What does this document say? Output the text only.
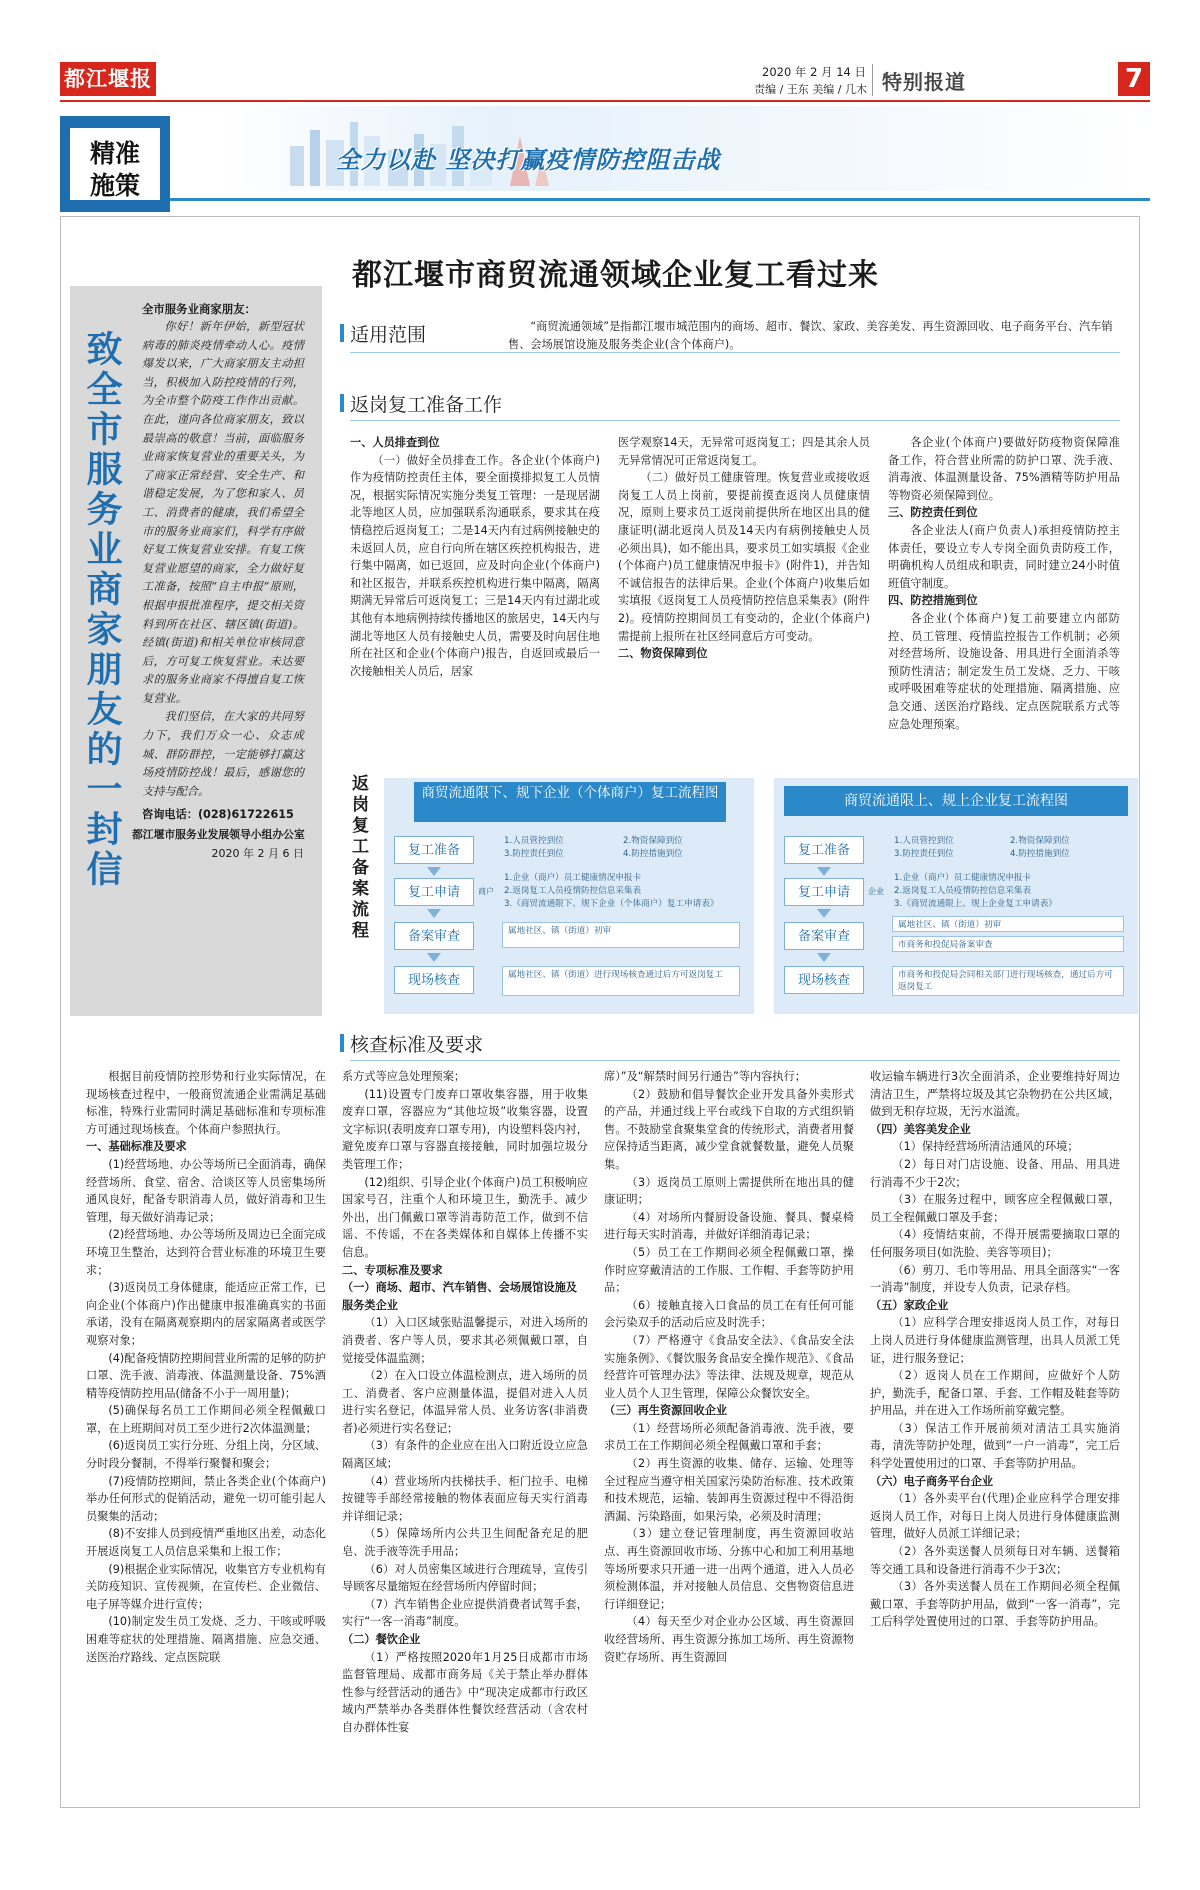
都江堰报	2020 年 2 月 14 日
责编 / 王东 美编 / 几木 特别报道	7
精准
施策
全力以赴 坚决打赢疫情防控阻击战
都江堰市商贸流通领域企业复工看过来
致全市服务业商家朋友的一封信
全市服务业商家朋友：
你好！新年伊始，新型冠状病毒的肺炎疫情牵动人心。疫情爆发以来，广大商家朋友主动担当，积极加入防控疫情的行列，为全市整个防疫工作作出贡献。在此，谨向各位商家朋友，致以最崇高的敬意！当前，面临服务业商家恢复营业的重要关头，为了商家正常经营、安全生产、和谐稳定发展，为了您和家人、员工、消费者的健康，我们希望全市的服务业商家们，科学有序做好复工恢复营业安排。有复工恢复营业愿望的商家，全力做好复工准备，按照“自主申报”原则，根据申报批准程序，提交相关资料到所在社区、辖区镇(街道)。经镇(街道)和相关单位审核同意后，方可复工恢复营业。未达要求的服务业商家不得擅自复工恢复营业。
我们坚信，在大家的共同努力下，我们万众一心、众志成城、群防群控，一定能够打赢这场疫情防控战！最后，感谢您的支持与配合。
咨询电话：(028)61722615
都江堰市服务业发展领导小组办公室
2020 年 2 月 6 日
适用范围	“商贸流通领域”是指都江堰市城范围内的商场、超市、餐饮、家政、美容美发、再生资源回收、电子商务平台、汽车销售、会场展馆设施及服务类企业(含个体商户)。
返岗复工准备工作

一、人员排查到位

（一）做好全员排查工作。各企业(个体商户)作为疫情防控责任主体，要全面摸排拟复工人员情况，根据实际情况实施分类复工管理：一是现居湖北等地区人员，应加强联系沟通联系，要求其在疫情稳控后返岗复工；二是14天内有过病例接触史的未返回人员，应自行向所在辖区疾控机构报告，进行集中隔离，如已返回，应及时向企业(个体商户)和社区报告，并联系疾控机构进行集中隔离，隔离期满无异常后可返岗复工；三是14天内有过湖北或其他有本地病例持续传播地区的旅居史，14天内与湖北等地区人员有接触史人员，需要及时向居住地所在社区和企业(个体商户)报告，自返回或最后一次接触相关人员后，居家

医学观察14天，无异常可返岗复工；四是其余人员无异常情况可正常返岗复工。

（二）做好员工健康管理。恢复营业或接收返岗复工人员上岗前，要提前摸查返岗人员健康情况，原则上要求员工返岗前提供所在地区出具的健康证明(湖北返岗人员及14天内有病例接触史人员必须出具)，如不能出具，要求员工如实填报《企业(个体商户)员工健康情况申报卡》(附件1)，并告知不诚信报告的法律后果。企业(个体商户)收集后如实填报《返岗复工人员疫情防控信息采集表》(附件2)。疫情防控期间员工有变动的，企业(个体商户)需提前上报所在社区经同意后方可变动。

二、物资保障到位

各企业(个体商户)要做好防疫物资保障准备工作，符合营业所需的防护口罩、洗手液、消毒液、体温测量设备、75%酒精等防护用品等物资必须保障到位。

三、防控责任到位

各企业法人(商户负责人)承担疫情防控主体责任，要设立专人专岗全面负责防疫工作，明确机构人员组成和职责，同时建立24小时值班值守制度。

四、防控措施到位

各企业(个体商户)复工前要建立内部防控、员工管理、疫情监控报告工作机制；必须对经营场所、设施设备、用具进行全面消杀等预防性清洁；制定发生员工发烧、乏力、干咳或呼吸困难等症状的处理措施、隔离措施、应急交通、送医治疗路线、定点医院联系方式等应急处理预案。

返岗复工备案流程
商贸流通限下、规下企业（个体商户）复工流程图	商贸流通限上、规上企业复工流程图
复工准备
1.人员管控到位	2.物资保障到位
3.防控责任到位	4.防控措施到位
复工申请
1.企业（商户）员工健康情况申报卡
2.返岗复工人员疫情防控信息采集表
3.《商贸流通限下、规下企业（个体商户）复工申请表》
备案审查	属地社区、镇（街道）初审
现场核查	属地社区、镇（街道）进行现场核查通过后方可返岗复工
商户
复工准备
1.人员管控到位	2.物资保障到位
3.防控责任到位	4.防控措施到位
复工申请
1.企业（商户）员工健康情况申报卡
2.返岗复工人员疫情防控信息采集表
3.《商贸流通限上、规上企业复工申请表》
备案审查
属地社区、镇（街道）初审
市商务和投促局备案审查
现场核查	市商务和投促局会同相关部门进行现场核查，通过后方可返岗复工
企业
核查标准及要求

根据目前疫情防控形势和行业实际情况，在现场核查过程中，一般商贸流通企业需满足基础标准，特殊行业需同时满足基础标准和专项标准方可通过现场核查。个体商户参照执行。

一、基础标准及要求

(1)经营场地、办公等场所已全面消毒，确保经营场所、食堂、宿舍、洽谈区等人员密集场所通风良好，配备专职消毒人员，做好消毒和卫生管理，每天做好消毒记录；

(2)经营场地、办公等场所及周边已全面完成环境卫生整治，达到符合营业标准的环境卫生要求；

(3)返岗员工身体健康，能适应正常工作，已向企业(个体商户)作出健康申报准确真实的书面承诺，没有在隔离观察期内的居家隔离者或医学观察对象；

(4)配备疫情防控期间营业所需的足够的防护口罩、洗手液、消毒液、体温测量设备、75%酒精等疫情防控用品(储备不小于一周用量)；

(5)确保每名员工工作期间必须全程佩戴口罩，在上班期间对员工至少进行2次体温测量；

(6)返岗员工实行分班、分组上岗，分区域、分时段分餐制，不得举行聚餐和聚会；

(7)疫情防控期间，禁止各类企业(个体商户)举办任何形式的促销活动，避免一切可能引起人员聚集的活动；

(8)不安排人员到疫情严重地区出差，动态化开展返岗复工人员信息采集和上报工作；

(9)根据企业实际情况，收集官方专业机构有关防疫知识、宣传视频，在宣传栏、企业微信、电子屏等媒介进行宣传；

(10)制定发生员工发烧、乏力、干咳或呼吸困难等症状的处理措施、隔离措施、应急交通、送医治疗路线、定点医院联

系方式等应急处理预案；

(11)设置专门废弃口罩收集容器，用于收集废弃口罩，容器应为“其他垃圾”收集容器，设置文字标识(表明废弃口罩专用)，内设塑料袋内衬，避免废弃口罩与容器直接接触，同时加强垃圾分类管理工作；

(12)组织、引导企业(个体商户)员工积极响应国家号召，注重个人和环境卫生，勤洗手、减少外出，出门佩戴口罩等消毒防范工作，做到不信谣、不传谣，不在各类媒体和自媒体上传播不实信息。

二、专项标准及要求

（一）商场、超市、汽车销售、会场展馆设施及服务类企业

（1）入口区域张贴温馨提示，对进入场所的消费者、客户等人员，要求其必须佩戴口罩，自觉接受体温监测；

（2）在入口设立体温检测点，进入场所的员工、消费者、客户应测量体温，提倡对进入人员进行实名登记，体温异常人员、业务访客(非消费者)必须进行实名登记；

（3）有条件的企业应在出入口附近设立应急隔离区域；

（4）营业场所内扶梯扶手、柜门拉手、电梯按键等手部经常接触的物体表面应每天实行消毒并详细记录；

（5）保障场所内公共卫生间配备充足的肥皂、洗手液等洗手用品；

（6）对人员密集区域进行合理疏导，宣传引导顾客尽量缩短在经营场所内停留时间；

（7）汽车销售企业应提供消费者试驾手套，实行“一客一消毒”制度。

（二）餐饮企业

（1）严格按照2020年1月25日成都市市场监督管理局、成都市商务局《关于禁止举办群体性参与经营活动的通告》中“现决定成都市行政区域内严禁举办各类群体性餐饮经营活动（含农村自办群体性宴

席）”及“解禁时间另行通告”等内容执行；

（2）鼓励和倡导餐饮企业开发具备外卖形式的产品，并通过线上平台或线下自取的方式组织销售。不鼓励堂食聚集堂食的传统形式，消费者用餐应保持适当距离，减少堂食就餐数量，避免人员聚集。

（3）返岗员工原则上需提供所在地出具的健康证明；

（4）对场所内餐厨设备设施、餐具、餐桌椅进行每天实时消毒，并做好详细消毒记录；

（5）员工在工作期间必须全程佩戴口罩，操作时应穿戴清洁的工作服、工作帽、手套等防护用品；

（6）接触直接入口食品的员工在有任何可能会污染双手的活动后应及时洗手；

（7）严格遵守《食品安全法》、《食品安全法实施条例》、《餐饮服务食品安全操作规范》、《食品经营许可管理办法》等法律、法规及规章，规范从业人员个人卫生管理，保障公众餐饮安全。

（三）再生资源回收企业

（1）经营场所必须配备消毒液、洗手液，要求员工在工作期间必须全程佩戴口罩和手套；

（2）再生资源的收集、储存、运输、处理等全过程应当遵守相关国家污染防治标准、技术政策和技术规范，运输、装卸再生资源过程中不得沿街洒漏、污染路面，如果污染，必须及时清理；

（3）建立登记管理制度，再生资源回收站点、再生资源回收市场、分拣中心和加工利用基地等场所要求只开通一进一出两个通道，进入人员必须检测体温，并对接触人员信息、交售物资信息进行详细登记；

（4）每天至少对企业办公区域、再生资源回收经营场所、再生资源分拣加工场所、再生资源物资贮存场所、再生资源回

收运输车辆进行3次全面消杀，企业要维持好周边清洁卫生，严禁将垃圾及其它杂物扔在公共区域，做到无积存垃圾，无污水溢流。

（四）美容美发企业

（1）保持经营场所清洁通风的环境；

（2）每日对门店设施、设备、用品、用具进行消毒不少于2次；

（3）在服务过程中，顾客应全程佩戴口罩，员工全程佩戴口罩及手套；

（4）疫情结束前，不得开展需要摘取口罩的任何服务项目(如洗脸、美容等项目)；

（6）剪刀、毛巾等用品、用具全面落实“一客一消毒”制度，并设专人负责，记录存档。

（五）家政企业

（1）应科学合理安排返岗人员工作，对每日上岗人员进行身体健康监测管理，出具人员派工凭证，进行服务登记；

（2）返岗人员在工作期间，应做好个人防护，勤洗手，配备口罩、手套、工作帽及鞋套等防护用品，并在进入工作场所前穿戴完整。

（3）保洁工作开展前须对清洁工具实施消毒，清洗等防护处理，做到“一户一消毒”，完工后科学处置使用过的口罩、手套等防护用品。

（六）电子商务平台企业

（1）各外卖平台(代理)企业应科学合理安排返岗人员工作，对每日上岗人员进行身体健康监测管理，做好人员派工详细记录；

（2）各外卖送餐人员须每日对车辆、送餐箱等交通工具和设备进行消毒不少于3次；

（3）各外卖送餐人员在工作期间必须全程佩戴口罩、手套等防护用品，做到“一客一消毒”，完工后科学处置使用过的口罩、手套等防护用品。
